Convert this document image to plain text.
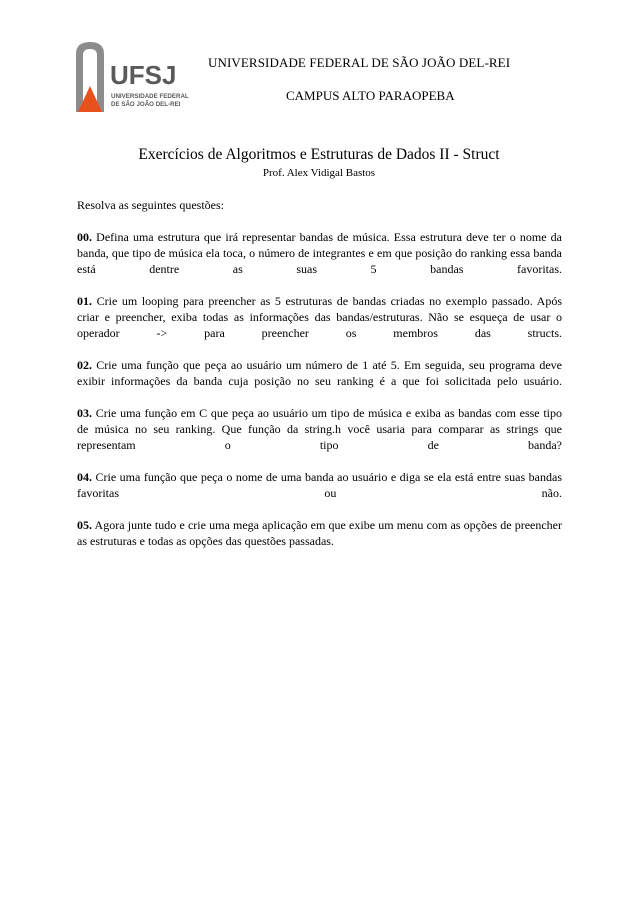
UFSJ
UNIVERSIDADE FEDERAL
DE SÃO JOÃO DEL-REI
UNIVERSIDADE FEDERAL DE SÃO JOÃO DEL-REI
CAMPUS ALTO PARAOPEBA
Exercícios de Algoritmos e Estruturas de Dados II - Struct
Prof. Alex Vidigal Bastos

Resolva as seguintes questões:

00. Defina uma estrutura que irá representar bandas de música. Essa estrutura deve ter o nome da banda, que tipo de música ela toca, o número de integrantes e em que posição do ranking essa banda está dentre as suas 5 bandas favoritas.

01. Crie um looping para preencher as 5 estruturas de bandas criadas no exemplo passado. Após criar e preencher, exiba todas as informações das bandas/estruturas. Não se esqueça de usar o operador -> para preencher os membros das structs.

02. Crie uma função que peça ao usuário um número de 1 até 5. Em seguida, seu programa deve exibir informações da banda cuja posição no seu ranking é a que foi solicitada pelo usuário.

03. Crie uma função em C que peça ao usuário um tipo de música e exiba as bandas com esse tipo de música no seu ranking. Que função da string.h você usaria para comparar as strings que representam o tipo de banda?

04. Crie uma função que peça o nome de uma banda ao usuário e diga se ela está entre suas bandas favoritas ou não.

05. Agora junte tudo e crie uma mega aplicação em que exibe um menu com as opções de preencher as estruturas e todas as opções das questões passadas.
